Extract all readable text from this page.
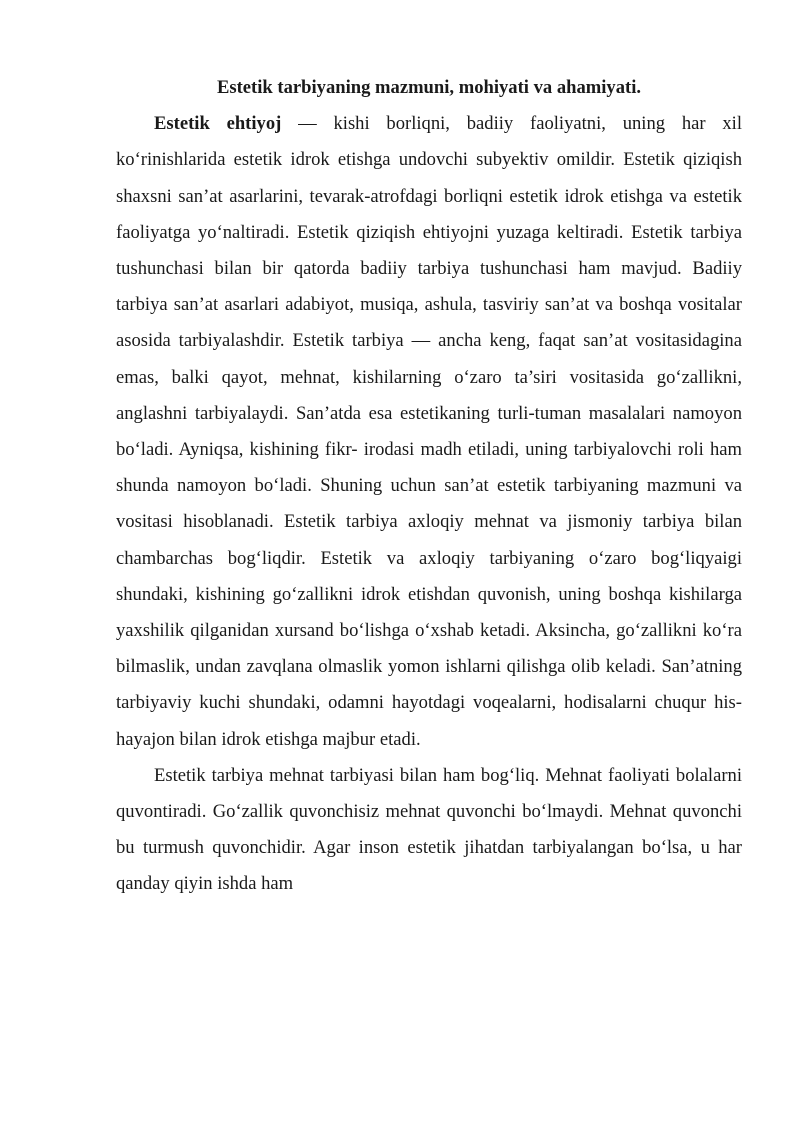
Estetik tarbiyaning mazmuni, mohiyati va ahamiyati.

Estetik ehtiyoj — kishi borliqni, badiiy faoliyatni, uning har xil ko‘rinishlarida estetik idrok etishga undovchi subyektiv omildir. Estetik qiziqish shaxsni san’at asarlarini, tevarak-atrofdagi borliqni estetik idrok etishga va estetik faoliyatga yo‘naltiradi. Estetik qiziqish ehtiyojni yuzaga keltiradi. Estetik tarbiya tushunchasi bilan bir qatorda badiiy tarbiya tushunchasi ham mavjud. Badiiy tarbiya san’at asarlari adabiyot, musiqa, ashula, tasviriy san’at va boshqa vositalar asosida tarbiyalashdir. Estetik tarbiya — ancha keng, faqat san’at vositasidagina emas, balki qayot, mehnat, kishilarning o‘zaro ta’siri vositasida go‘zallikni, anglashni tarbiyalaydi. San’atda esa estetikaning turli-tuman masalalari namoyon bo‘ladi. Ayniqsa, kishining fikr- irodasi madh etiladi, uning tarbiyalovchi roli ham shunda namoyon bo‘ladi. Shuning uchun san’at estetik tarbiyaning mazmuni va vositasi hisoblanadi. Estetik tarbiya axloqiy mehnat va jismoniy tarbiya bilan chambarchas bog‘liqdir. Estetik va axloqiy tarbiyaning o‘zaro bog‘liqyaigi shundaki, kishining go‘zallikni idrok etishdan quvonish, uning boshqa kishilarga yaxshilik qilganidan xursand bo‘lishga o‘xshab ketadi. Aksincha, go‘zallikni ko‘ra bilmaslik, undan zavqlana olmaslik yomon ishlarni qilishga olib keladi. San’atning tarbiyaviy kuchi shundaki, odamni hayotdagi voqealarni, hodisalarni chuqur his-hayajon bilan idrok etishga majbur etadi.

Estetik tarbiya mehnat tarbiyasi bilan ham bog‘liq. Mehnat faoliyati bolalarni quvontiradi. Go‘zallik quvonchisiz mehnat quvonchi bo‘lmaydi. Mehnat quvonchi bu turmush quvonchidir. Agar inson estetik jihatdan tarbiyalangan bo‘lsa, u har qanday qiyin ishda ham
